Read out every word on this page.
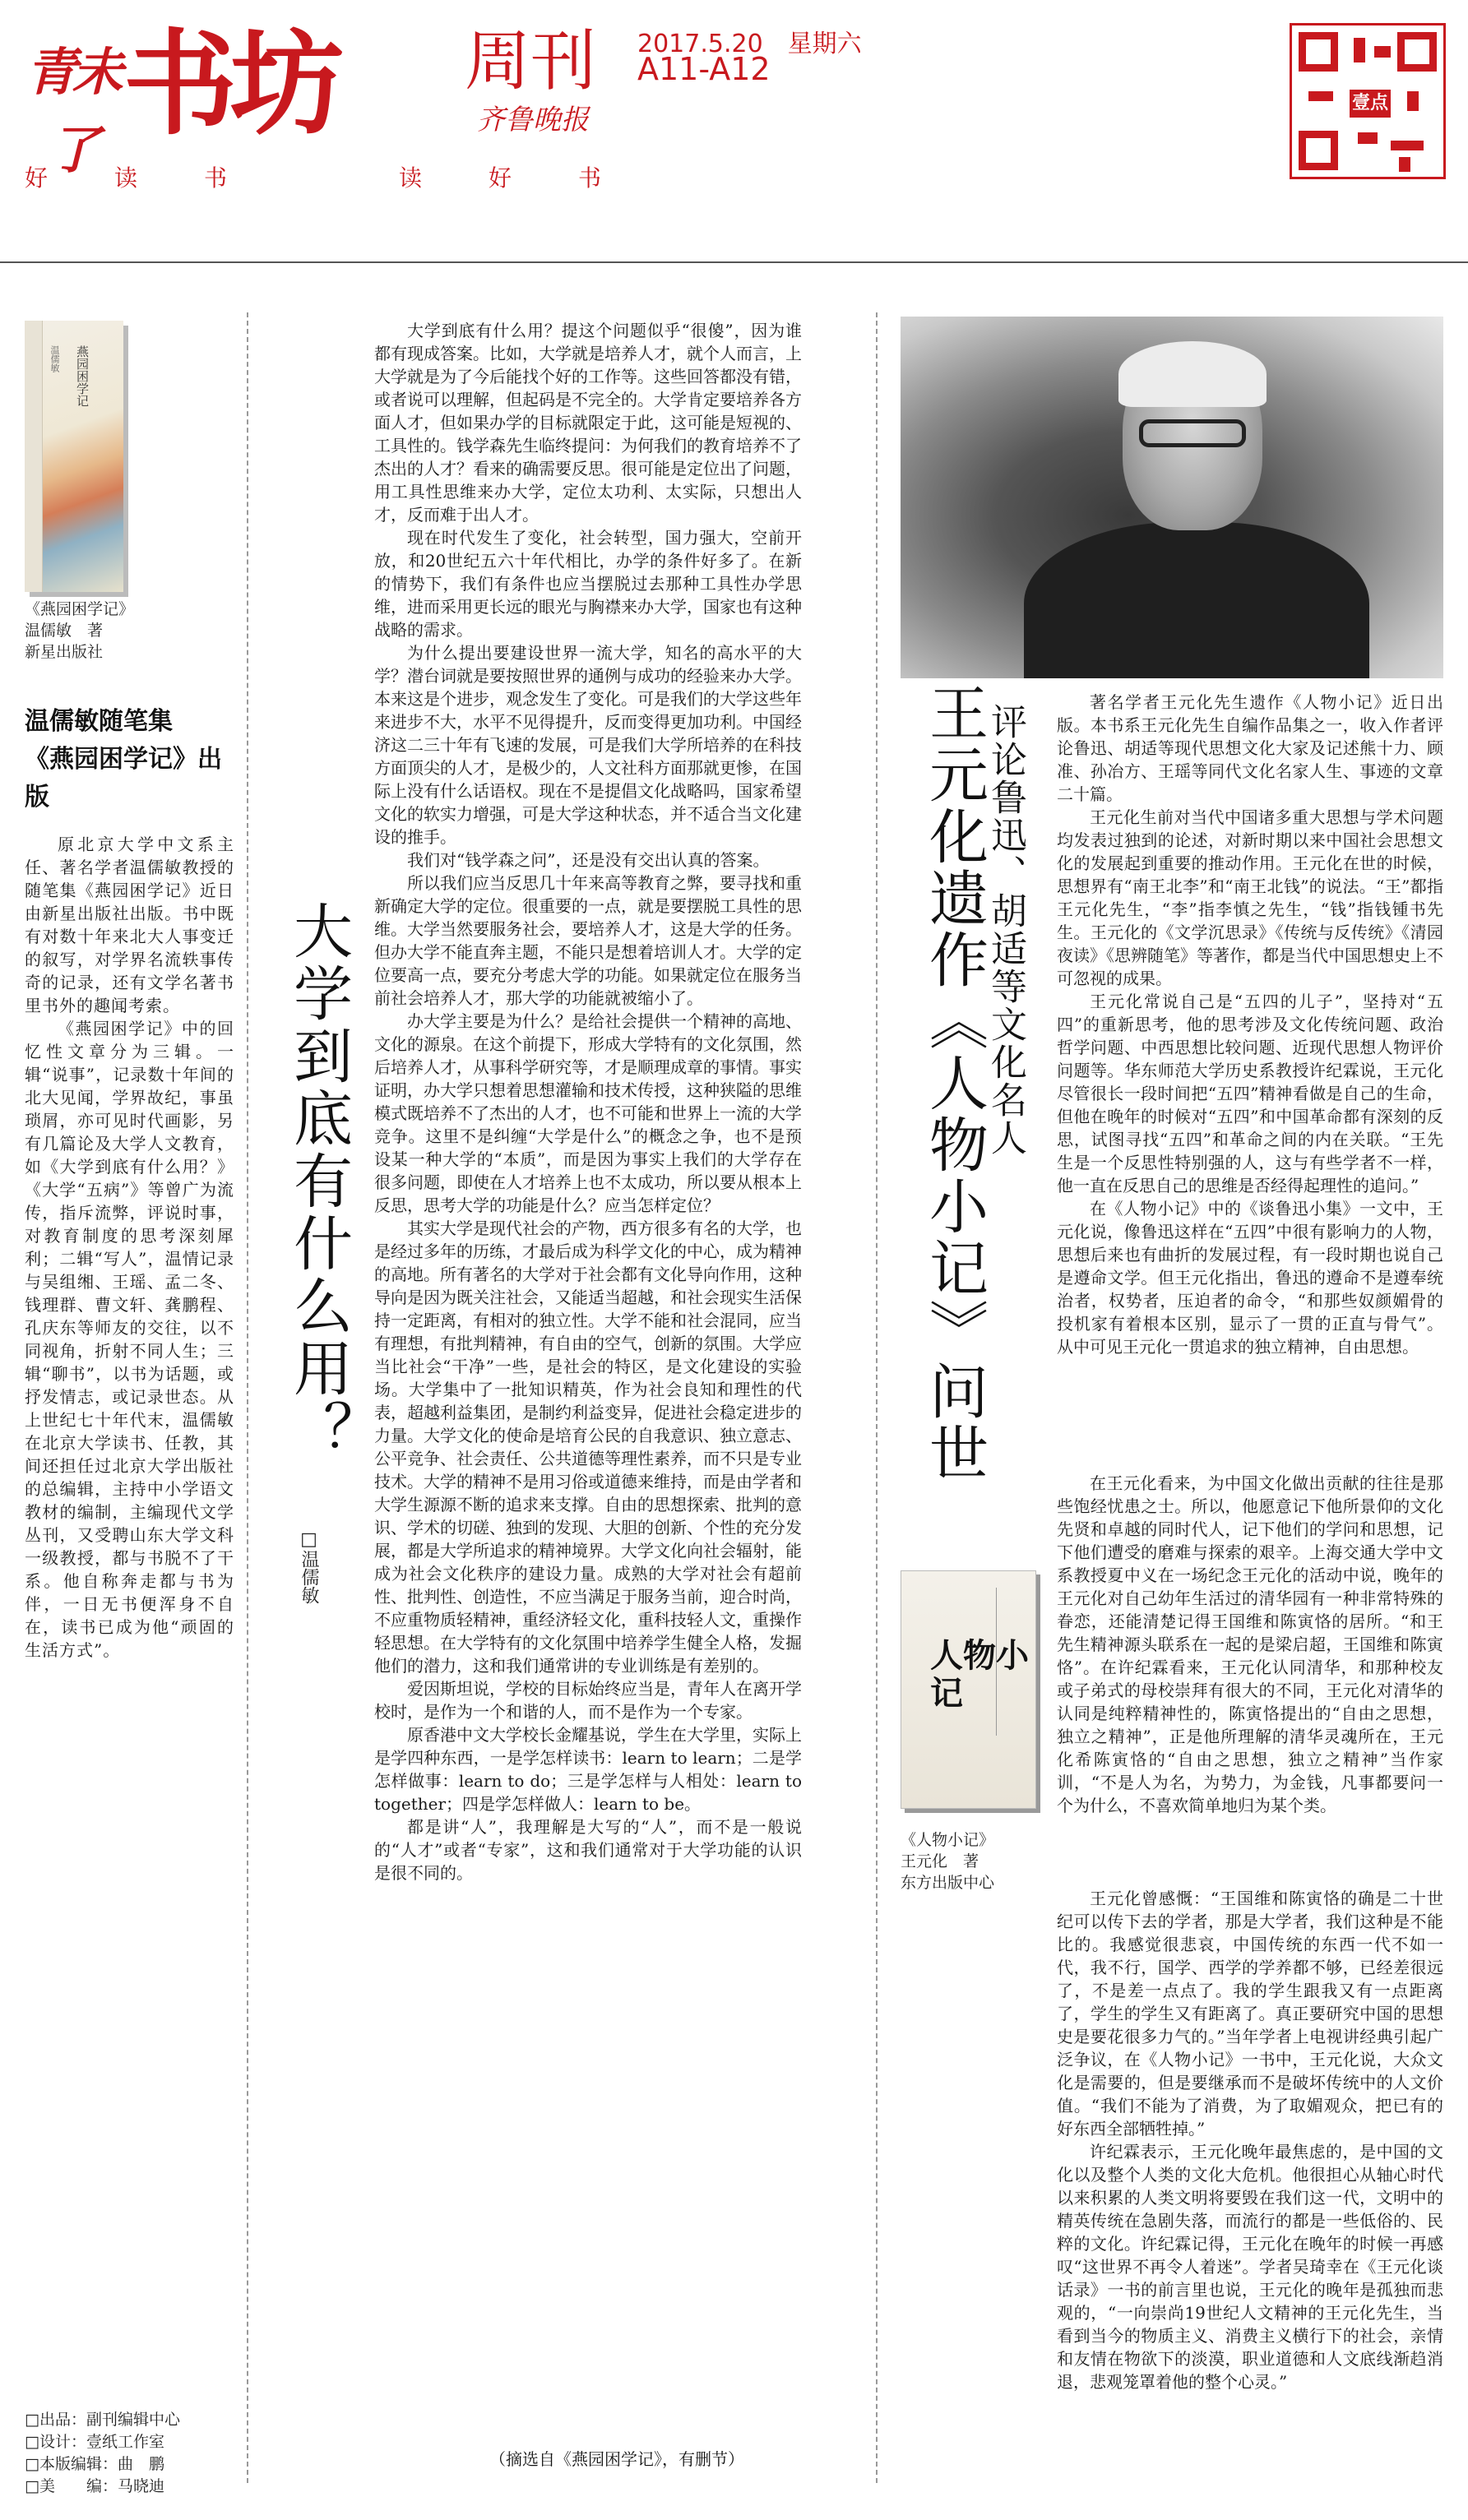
青未了 书坊 周刊
齐鲁晚报
2017.5.20  星期六
A11-A12
壹点
好	读	书	读	好	书
燕园困学记
温儒敏
《燕园困学记》
温儒敏　著
新星出版社
温儒敏随笔集
《燕园困学记》出版

原北京大学中文系主任、著名学者温儒敏教授的随笔集《燕园困学记》近日由新星出版社出版。书中既有对数十年来北大人事变迁的叙写，对学界名流轶事传奇的记录，还有文学名著书里书外的趣闻考索。

《燕园困学记》中的回忆性文章分为三辑。一辑“说事”，记录数十年间的北大见闻，学界故纪，事虽琐屑，亦可见时代画影，另有几篇论及大学人文教育，如《大学到底有什么用？》《大学“五病”》等曾广为流传，指斥流弊，评说时事，对教育制度的思考深刻犀利；二辑“写人”，温情记录与吴组缃、王瑶、孟二冬、钱理群、曹文轩、龚鹏程、孔庆东等师友的交往，以不同视角，折射不同人生；三辑“聊书”，以书为话题，或抒发情志，或记录世态。从上世纪七十年代末，温儒敏在北京大学读书、任教，其间还担任过北京大学出版社的总编辑，主持中小学语文教材的编制，主编现代文学丛刊，又受聘山东大学文科一级教授，都与书脱不了干系。他自称奔走都与书为伴，一日无书便浑身不自在，读书已成为他“顽固的生活方式”。

□出品：副刊编辑中心
□设计：壹纸工作室
□本版编辑：曲　鹏
□美　　编：马晓迪
大学到底有什么用？
□温儒敏

大学到底有什么用？提这个问题似乎“很傻”，因为谁都有现成答案。比如，大学就是培养人才，就个人而言，上大学就是为了今后能找个好的工作等。这些回答都没有错，或者说可以理解，但起码是不完全的。大学肯定要培养各方面人才，但如果办学的目标就限定于此，这可能是短视的、工具性的。钱学森先生临终提问：为何我们的教育培养不了杰出的人才？看来的确需要反思。很可能是定位出了问题，用工具性思维来办大学，定位太功利、太实际，只想出人才，反而难于出人才。

现在时代发生了变化，社会转型，国力强大，空前开放，和20世纪五六十年代相比，办学的条件好多了。在新的情势下，我们有条件也应当摆脱过去那种工具性办学思维，进而采用更长远的眼光与胸襟来办大学，国家也有这种战略的需求。

为什么提出要建设世界一流大学，知名的高水平的大学？潜台词就是要按照世界的通例与成功的经验来办大学。本来这是个进步，观念发生了变化。可是我们的大学这些年来进步不大，水平不见得提升，反而变得更加功利。中国经济这二三十年有飞速的发展，可是我们大学所培养的在科技方面顶尖的人才，是极少的，人文社科方面那就更惨，在国际上没有什么话语权。现在不是提倡文化战略吗，国家希望文化的软实力增强，可是大学这种状态，并不适合当文化建设的推手。

我们对“钱学森之问”，还是没有交出认真的答案。

所以我们应当反思几十年来高等教育之弊，要寻找和重新确定大学的定位。很重要的一点，就是要摆脱工具性的思维。大学当然要服务社会，要培养人才，这是大学的任务。但办大学不能直奔主题，不能只是想着培训人才。大学的定位要高一点，要充分考虑大学的功能。如果就定位在服务当前社会培养人才，那大学的功能就被缩小了。

办大学主要是为什么？是给社会提供一个精神的高地、文化的源泉。在这个前提下，形成大学特有的文化氛围，然后培养人才，从事科学研究等，才是顺理成章的事情。事实证明，办大学只想着思想灌输和技术传授，这种狭隘的思维模式既培养不了杰出的人才，也不可能和世界上一流的大学竞争。这里不是纠缠“大学是什么”的概念之争，也不是预设某一种大学的“本质”，而是因为事实上我们的大学存在很多问题，即使在人才培养上也不太成功，所以要从根本上反思，思考大学的功能是什么？应当怎样定位？

其实大学是现代社会的产物，西方很多有名的大学，也是经过多年的历练，才最后成为科学文化的中心，成为精神的高地。所有著名的大学对于社会都有文化导向作用，这种导向是因为既关注社会，又能适当超越，和社会现实生活保持一定距离，有相对的独立性。大学不能和社会混同，应当有理想，有批判精神，有自由的空气，创新的氛围。大学应当比社会“干净”一些，是社会的特区，是文化建设的实验场。大学集中了一批知识精英，作为社会良知和理性的代表，超越利益集团，是制约利益变异，促进社会稳定进步的力量。大学文化的使命是培育公民的自我意识、独立意志、公平竞争、社会责任、公共道德等理性素养，而不只是专业技术。大学的精神不是用习俗或道德来维持，而是由学者和大学生源源不断的追求来支撑。自由的思想探索、批判的意识、学术的切磋、独到的发现、大胆的创新、个性的充分发展，都是大学所追求的精神境界。大学文化向社会辐射，能成为社会文化秩序的建设力量。成熟的大学对社会有超前性、批判性、创造性，不应当满足于服务当前，迎合时尚，不应重物质轻精神，重经济轻文化，重科技轻人文，重操作轻思想。在大学特有的文化氛围中培养学生健全人格，发掘他们的潜力，这和我们通常讲的专业训练是有差别的。

爱因斯坦说，学校的目标始终应当是，青年人在离开学校时，是作为一个和谐的人，而不是作为一个专家。

原香港中文大学校长金耀基说，学生在大学里，实际上是学四种东西，一是学怎样读书：learn to learn；二是学怎样做事：learn to do；三是学怎样与人相处：learn to together；四是学怎样做人：learn to be。

都是讲“人”，我理解是大写的“人”，而不是一般说的“人才”或者“专家”，这和我们通常对于大学功能的认识是很不同的。

（摘选自《燕园困学记》，有删节）
评论鲁迅、胡适等文化名人
王元化遗作《人物小记》问世	著名学者王元化先生遗作《人物小记》近日出版。本书系王元化先生自编作品集之一，收入作者评论鲁迅、胡适等现代思想文化大家及记述熊十力、顾准、孙冶方、王瑶等同代文化名家人生、事迹的文章二十篇。

王元化生前对当代中国诸多重大思想与学术问题均发表过独到的论述，对新时期以来中国社会思想文化的发展起到重要的推动作用。王元化在世的时候，思想界有“南王北李”和“南王北钱”的说法。“王”都指王元化先生，“李”指李慎之先生，“钱”指钱锺书先生。王元化的《文学沉思录》《传统与反传统》《清园夜读》《思辨随笔》等著作，都是当代中国思想史上不可忽视的成果。

王元化常说自己是“五四的儿子”，坚持对“五四”的重新思考，他的思考涉及文化传统问题、政治哲学问题、中西思想比较问题、近现代思想人物评价问题等。华东师范大学历史系教授许纪霖说，王元化尽管很长一段时间把“五四”精神看做是自己的生命，但他在晚年的时候对“五四”和中国革命都有深刻的反思，试图寻找“五四”和革命之间的内在关联。“王先生是一个反思性特别强的人，这与有些学者不一样，他一直在反思自己的思维是否经得起理性的追问。”

在《人物小记》中的《谈鲁迅小集》一文中，王元化说，像鲁迅这样在“五四”中很有影响力的人物，思想后来也有曲折的发展过程，有一段时期也说自己是遵命文学。但王元化指出，鲁迅的遵命不是遵奉统治者，权势者，压迫者的命令，“和那些奴颜媚骨的投机家有着根本区别，显示了一贯的正直与骨气”。从中可见王元化一贯追求的独立精神，自由思想。

在王元化看来，为中国文化做出贡献的往往是那些饱经忧患之士。所以，他愿意记下他所景仰的文化先贤和卓越的同时代人，记下他们的学问和思想，记下他们遭受的磨难与探索的艰辛。上海交通大学中文系教授夏中义在一场纪念王元化的活动中说，晚年的王元化对自己幼年生活过的清华园有一种非常特殊的眷恋，还能清楚记得王国维和陈寅恪的居所。“和王先生精神源头联系在一起的是梁启超，王国维和陈寅恪”。在许纪霖看来，王元化认同清华，和那种校友或子弟式的母校崇拜有很大的不同，王元化对清华的认同是纯粹精神性的，陈寅恪提出的“自由之思想，独立之精神”，正是他所理解的清华灵魂所在，王元化希陈寅恪的“自由之思想，独立之精神”当作家训，“不是人为名，为势力，为金钱，凡事都要问一个为什么，不喜欢简单地归为某个类。

王元化曾感慨：“王国维和陈寅恪的确是二十世纪可以传下去的学者，那是大学者，我们这种是不能比的。我感觉很悲哀，中国传统的东西一代不如一代，我不行，国学、西学的学养都不够，已经差很远了，不是差一点点了。我的学生跟我又有一点距离了，学生的学生又有距离了。真正要研究中国的思想史是要花很多力气的。”当年学者上电视讲经典引起广泛争议，在《人物小记》一书中，王元化说，大众文化是需要的，但是要继承而不是破坏传统中的人文价值。“我们不能为了消费，为了取媚观众，把已有的好东西全部牺牲掉。”

许纪霖表示，王元化晚年最焦虑的，是中国的文化以及整个人类的文化大危机。他很担心从轴心时代以来积累的人类文明将要毁在我们这一代，文明中的精英传统在急剧失落，而流行的都是一些低俗的、民粹的文化。许纪霖记得，王元化在晚年的时候一再感叹“这世界不再令人着迷”。学者吴琦幸在《王元化谈话录》一书的前言里也说，王元化的晚年是孤独而悲观的，“一向崇尚19世纪人文精神的王元化先生，当看到当今的物质主义、消费主义横行下的社会，亲情和友情在物欲下的淡漠，职业道德和人文底线渐趋消退，悲观笼罩着他的整个心灵。”

人物小记
《人物小记》
王元化　著
东方出版中心
